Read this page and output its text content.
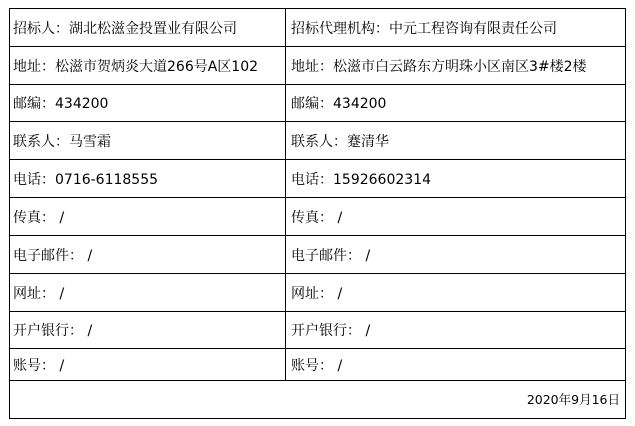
招标人：湖北松滋金投置业有限公司	招标代理机构：中元工程咨询有限责任公司
地址：松滋市贺炳炎大道266号A区102	地址：松滋市白云路东方明珠小区南区3#楼2楼
邮编：434200	邮编：434200
联系人：马雪霜	联系人：蹇清华
电话：0716-6118555	电话：15926602314
传真： /	传真： /
电子邮件： /	电子邮件： /
网址： /	网址： /
开户银行： /	开户银行： /
账号： /	账号： /
2020年9月16日
